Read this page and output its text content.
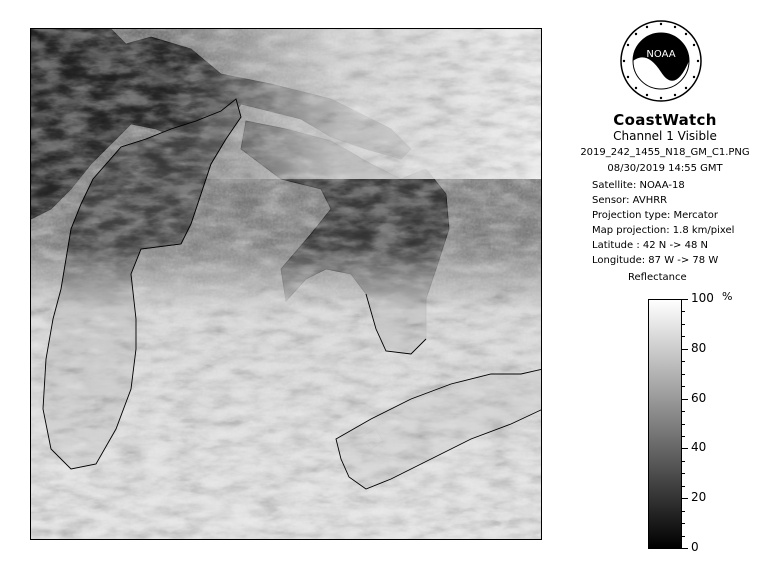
NOAA
CoastWatch
Channel 1 Visible
2019_242_1455_N18_GM_C1.PNG
08/30/2019 14:55 GMT
Satellite: NOAA-18
Sensor: AVHRR
Projection type: Mercator
Map projection: 1.8 km/pixel
Latitude : 42 N -> 48 N
Longitude: 87 W -> 78 W
Reflectance
%
100
80
60
40
20
0
